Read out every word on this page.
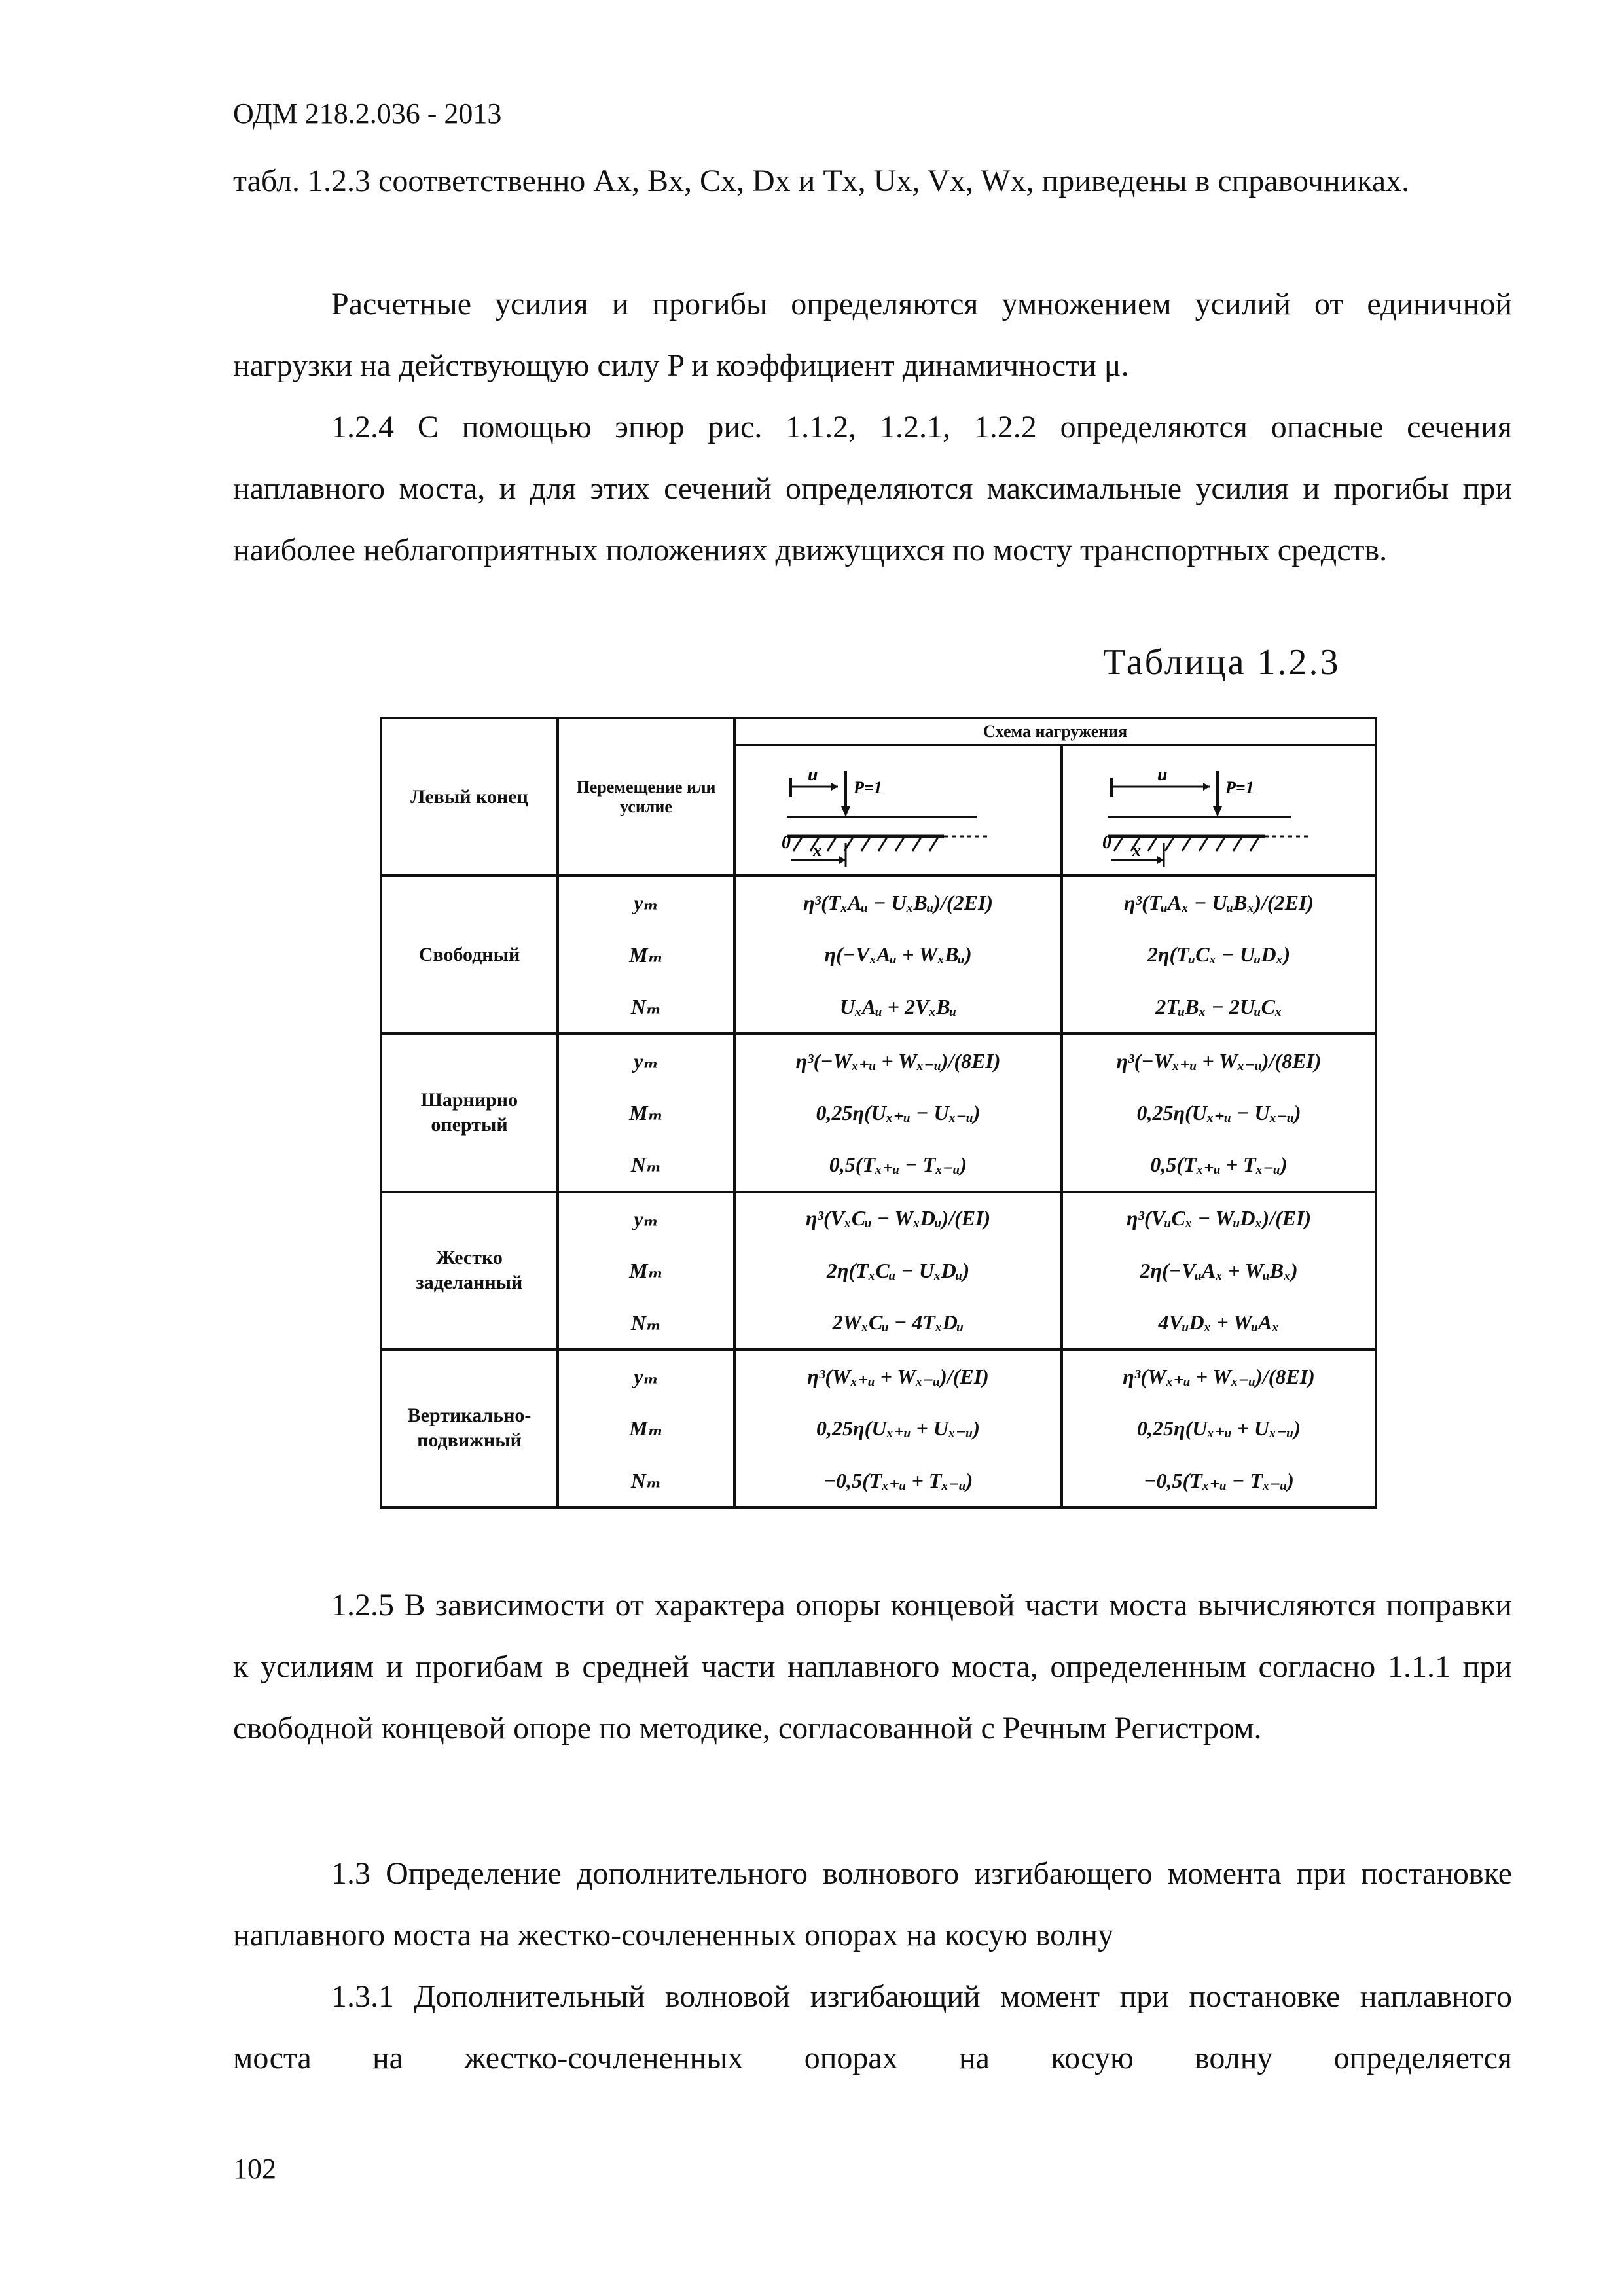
ОДМ 218.2.036 - 2013

табл. 1.2.3 соответственно Ax, Bx, Cx, Dx и Tx, Ux, Vx, Wx, приведены в справочниках.

Расчетные усилия и прогибы определяются умножением усилий от единичной нагрузки на действующую силу P и коэффициент динамичности μ.

1.2.4 С помощью эпюр рис. 1.1.2, 1.2.1, 1.2.2 определяются опасные сечения наплавного моста, и для этих сечений определяются максимальные усилия и прогибы при наиболее неблагоприятных положениях движущихся по мосту транспортных средств.

Таблица 1.2.3
Левый конец	Перемещение или усилие	Схема нагружения	

u
P=1
0 x	u
P=1
0 x

Свободный	yₘ	η³(TₓAᵤ − UₓBᵤ)/(2EI)	η³(TᵤAₓ − UᵤBₓ)/(2EI)
	Mₘ	η(−VₓAᵤ + WₓBᵤ)	2η(TᵤCₓ − UᵤDₓ)
	Nₘ	UₓAᵤ + 2VₓBᵤ	2TᵤBₓ − 2UᵤCₓ
Шарнирно опертый	yₘ	η³(−Wₓ₊ᵤ + Wₓ₋ᵤ)/(8EI)	η³(−Wₓ₊ᵤ + Wₓ₋ᵤ)/(8EI)
	Mₘ	0,25η(Uₓ₊ᵤ − Uₓ₋ᵤ)	0,25η(Uₓ₊ᵤ − Uₓ₋ᵤ)
	Nₘ	0,5(Tₓ₊ᵤ − Tₓ₋ᵤ)	0,5(Tₓ₊ᵤ + Tₓ₋ᵤ)
Жестко заделанный	yₘ	η³(VₓCᵤ − WₓDᵤ)/(EI)	η³(VᵤCₓ − WᵤDₓ)/(EI)
	Mₘ	2η(TₓCᵤ − UₓDᵤ)	2η(−VᵤAₓ + WᵤBₓ)
	Nₘ	2WₓCᵤ − 4TₓDᵤ	4VᵤDₓ + WᵤAₓ
Вертикально-подвижный	yₘ	η³(Wₓ₊ᵤ + Wₓ₋ᵤ)/(EI)	η³(Wₓ₊ᵤ + Wₓ₋ᵤ)/(8EI)
	Mₘ	0,25η(Uₓ₊ᵤ + Uₓ₋ᵤ)	0,25η(Uₓ₊ᵤ + Uₓ₋ᵤ)
	Nₘ	−0,5(Tₓ₊ᵤ + Tₓ₋ᵤ)	−0,5(Tₓ₊ᵤ − Tₓ₋ᵤ)

1.2.5 В зависимости от характера опоры концевой части моста вычисляются поправки к усилиям и прогибам в средней части наплавного моста, определенным согласно 1.1.1 при свободной концевой опоре по методике, согласованной с Речным Регистром.

1.3 Определение дополнительного волнового изгибающего момента при постановке наплавного моста на жестко-сочлененных опорах на косую волну

1.3.1 Дополнительный волновой изгибающий момент при постановке наплавного моста на жестко-сочлененных опорах на косую волну определяется

102
